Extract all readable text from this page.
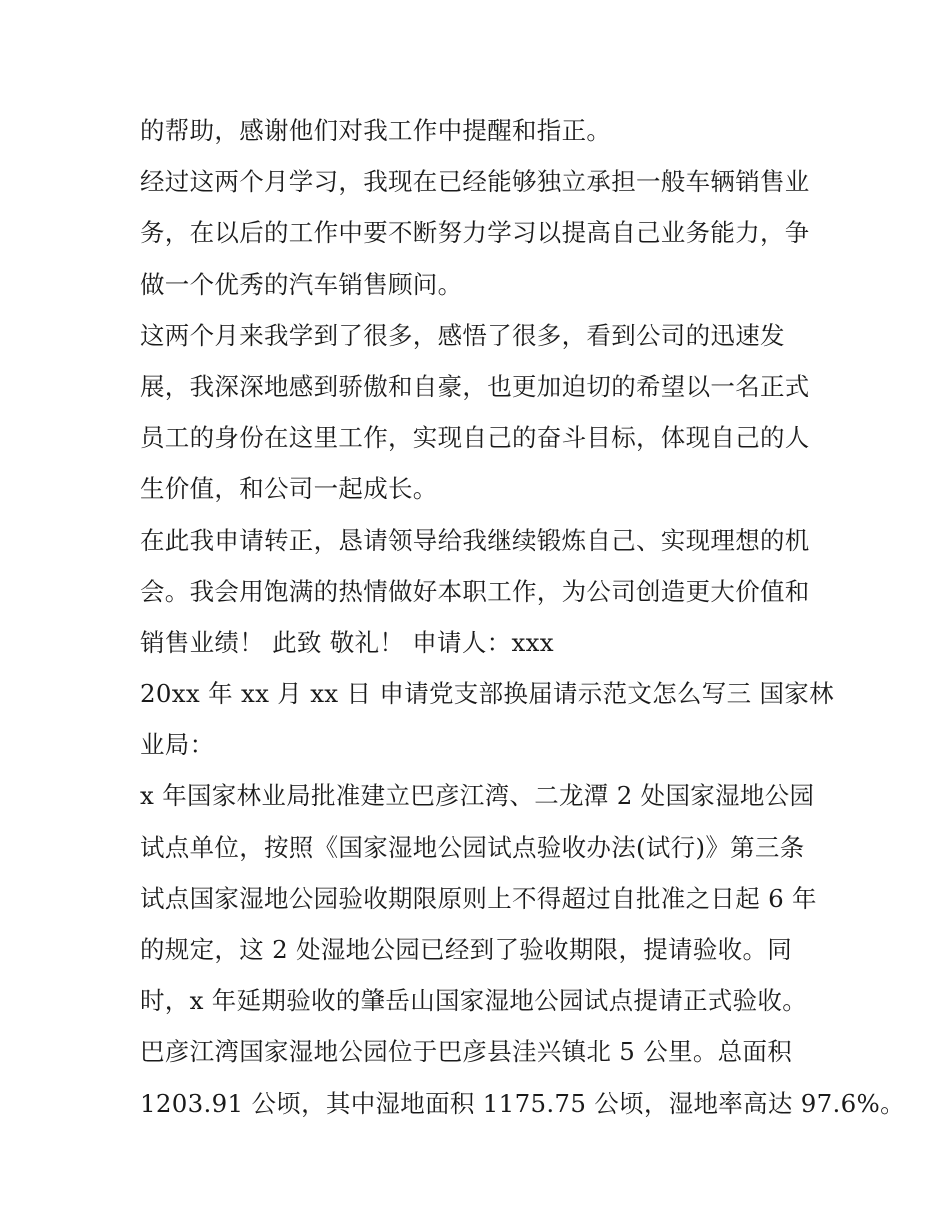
的帮助，感谢他们对我工作中提醒和指正。
经过这两个月学习，我现在已经能够独立承担一般车辆销售业
务，在以后的工作中要不断努力学习以提高自己业务能力，争
做一个优秀的汽车销售顾问。
这两个月来我学到了很多，感悟了很多，看到公司的迅速发
展，我深深地感到骄傲和自豪，也更加迫切的希望以一名正式
员工的身份在这里工作，实现自己的奋斗目标，体现自己的人
生价值，和公司一起成长。
在此我申请转正，恳请领导给我继续锻炼自己、实现理想的机
会。我会用饱满的热情做好本职工作，为公司创造更大价值和
销售业绩！ 此致 敬礼！ 申请人：xxx
20xx 年 xx 月 xx 日 申请党支部换届请示范文怎么写三 国家林
业局：
x 年国家林业局批准建立巴彦江湾、二龙潭 2 处国家湿地公园
试点单位，按照《国家湿地公园试点验收办法(试行)》第三条
试点国家湿地公园验收期限原则上不得超过自批准之日起 6 年
的规定，这 2 处湿地公园已经到了验收期限，提请验收。同
时，x 年延期验收的肇岳山国家湿地公园试点提请正式验收。
巴彦江湾国家湿地公园位于巴彦县洼兴镇北 5 公里。总面积
1203.91 公顷，其中湿地面积 1175.75 公顷，湿地率高达 97.6%。
